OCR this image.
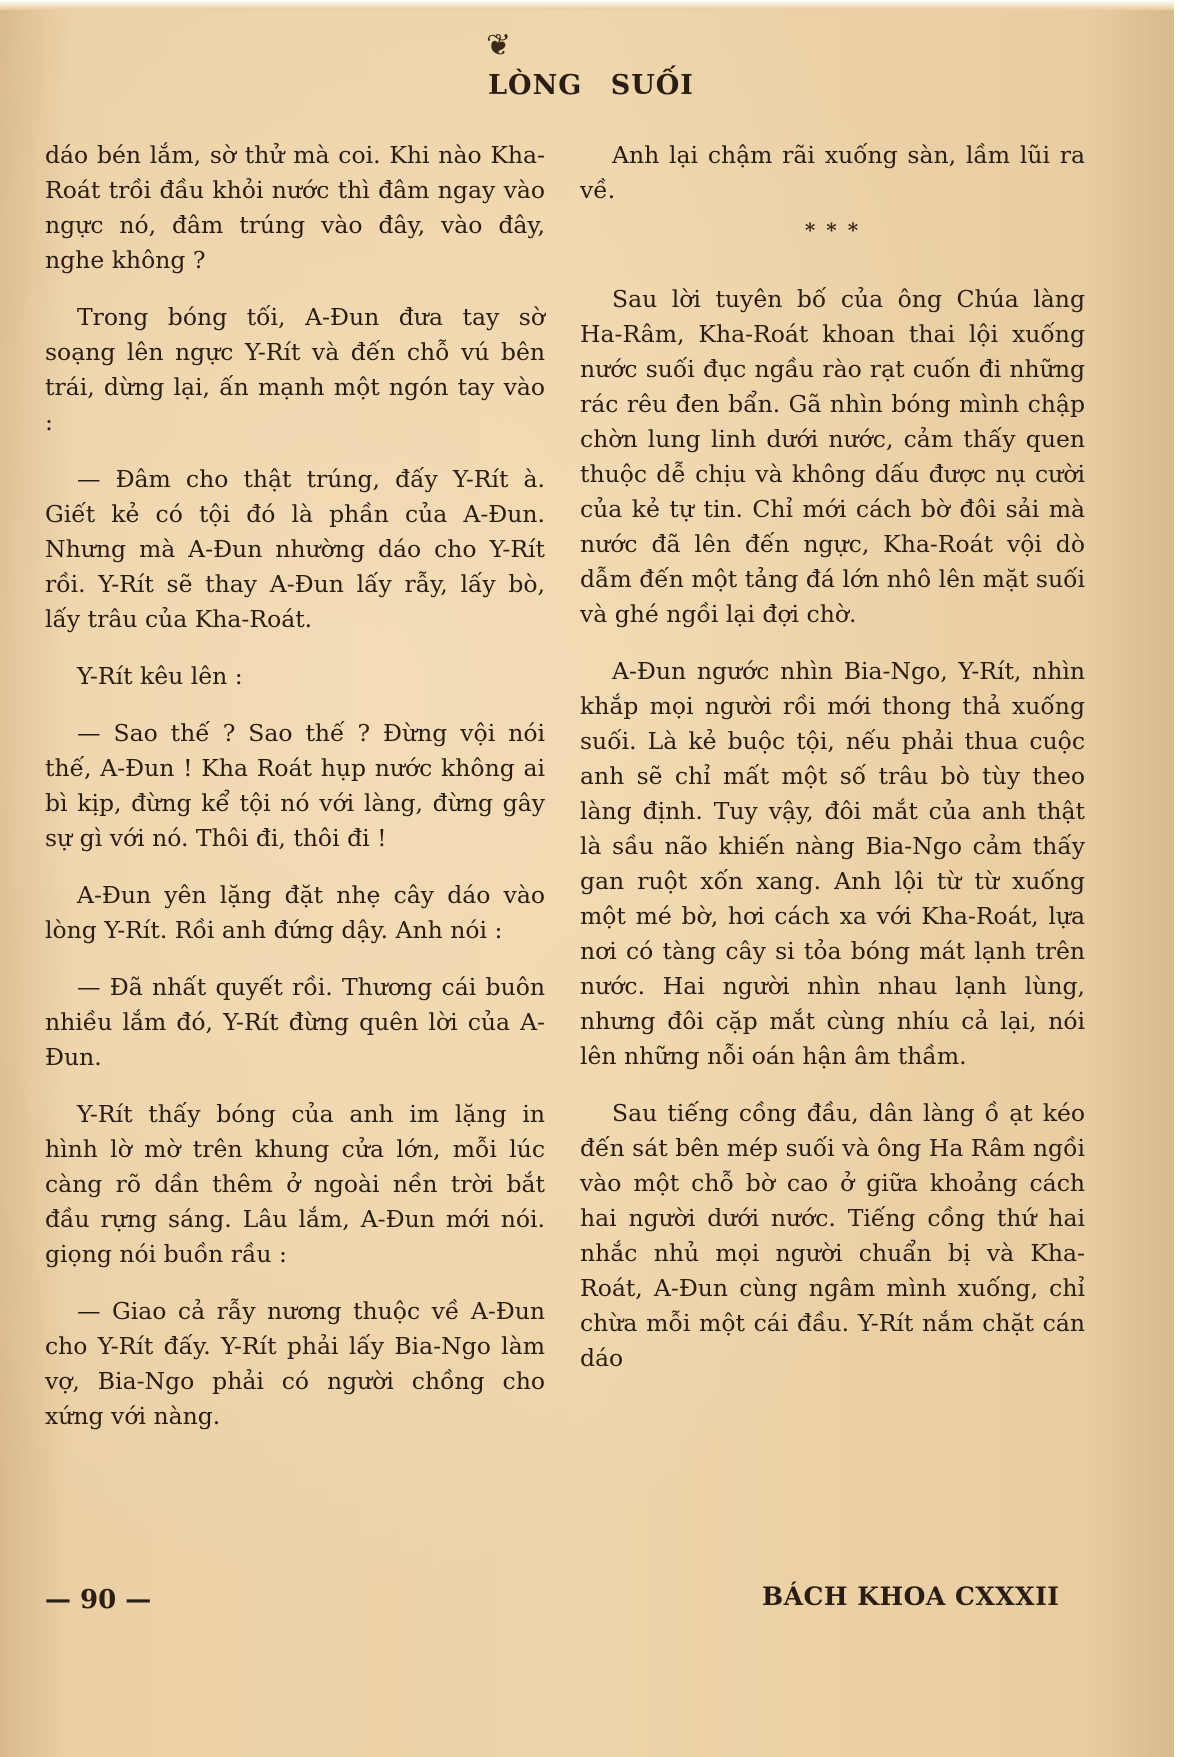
❦
LÒNG SUỐI

dáo bén lắm, sờ thử mà coi. Khi nào Kha-Roát trồi đầu khỏi nước thì đâm ngay vào ngực nó, đâm trúng vào đây, vào đây, nghe không ?

Trong bóng tối, A-Đun đưa tay sờ soạng lên ngực Y-Rít và đến chỗ vú bên trái, dừng lại, ấn mạnh một ngón tay vào :

— Đâm cho thật trúng, đấy Y-Rít à. Giết kẻ có tội đó là phần của A-Đun. Nhưng mà A-Đun nhường dáo cho Y-Rít rồi. Y-Rít sẽ thay A-Đun lấy rẫy, lấy bò, lấy trâu của Kha-Roát.

Y-Rít kêu lên :

— Sao thế ? Sao thế ? Đừng vội nói thế, A-Đun ! Kha Roát hụp nước không ai bì kịp, đừng kể tội nó với làng, đừng gây sự gì với nó. Thôi đi, thôi đi !

A-Đun yên lặng đặt nhẹ cây dáo vào lòng Y-Rít. Rồi anh đứng dậy. Anh nói :

— Đã nhất quyết rồi. Thương cái buôn nhiều lắm đó, Y-Rít đừng quên lời của A-Đun.

Y-Rít thấy bóng của anh im lặng in hình lờ mờ trên khung cửa lớn, mỗi lúc càng rõ dần thêm ở ngoài nền trời bắt đầu rựng sáng. Lâu lắm, A-Đun mới nói. giọng nói buồn rầu :

— Giao cả rẫy nương thuộc về A-Đun cho Y-Rít đấy. Y-Rít phải lấy Bia-Ngo làm vợ, Bia-Ngo phải có người chồng cho xứng với nàng.

Anh lại chậm rãi xuống sàn, lầm lũi ra về.

* * *

Sau lời tuyên bố của ông Chúa làng Ha-Râm, Kha-Roát khoan thai lội xuống nước suối đục ngầu rào rạt cuốn đi những rác rêu đen bẩn. Gã nhìn bóng mình chập chờn lung linh dưới nước, cảm thấy quen thuộc dễ chịu và không dấu được nụ cười của kẻ tự tin. Chỉ mới cách bờ đôi sải mà nước đã lên đến ngực, Kha-Roát vội dò dẫm đến một tảng đá lớn nhô lên mặt suối và ghé ngồi lại đợi chờ.

A-Đun ngước nhìn Bia-Ngo, Y-Rít, nhìn khắp mọi người rồi mới thong thả xuống suối. Là kẻ buộc tội, nếu phải thua cuộc anh sẽ chỉ mất một số trâu bò tùy theo làng định. Tuy vậy, đôi mắt của anh thật là sầu não khiến nàng Bia-Ngo cảm thấy gan ruột xốn xang. Anh lội từ từ xuống một mé bờ, hơi cách xa với Kha-Roát, lựa nơi có tàng cây si tỏa bóng mát lạnh trên nước. Hai người nhìn nhau lạnh lùng, nhưng đôi cặp mắt cùng nhíu cả lại, nói lên những nỗi oán hận âm thầm.

Sau tiếng cồng đầu, dân làng ồ ạt kéo đến sát bên mép suối và ông Ha Râm ngồi vào một chỗ bờ cao ở giữa khoảng cách hai người dưới nước. Tiếng cồng thứ hai nhắc nhủ mọi người chuẩn bị và Kha-Roát, A-Đun cùng ngâm mình xuống, chỉ chừa mỗi một cái đầu. Y-Rít nắm chặt cán dáo

— 90 —	BÁCH KHOA CXXXII
